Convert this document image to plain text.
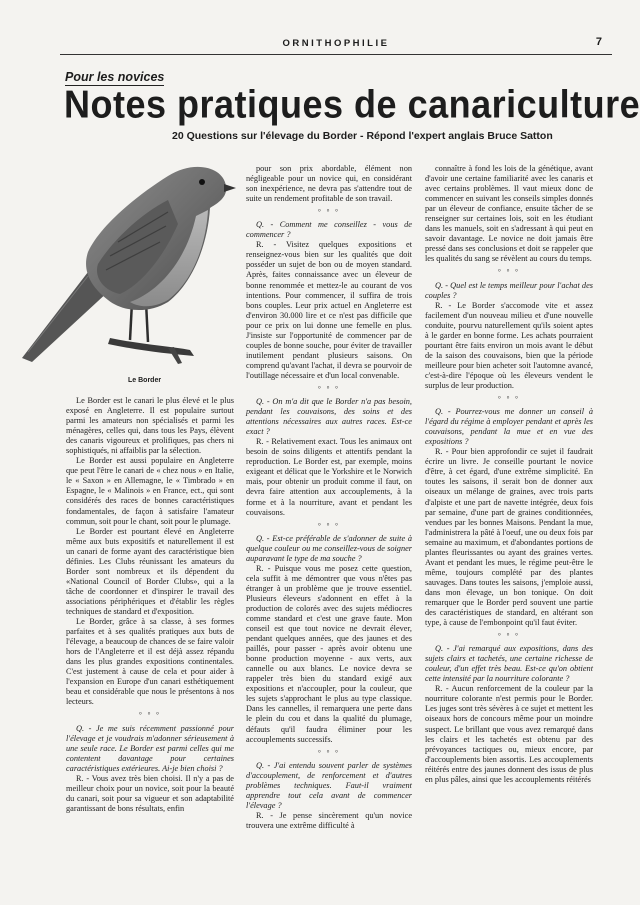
ORNITHOPHILIE	7
Pour les novices
Notes pratiques de canariculture
20 Questions sur l'élevage du Border - Répond l'expert anglais Bruce Satton
Le Border

Le Border est le canari le plus élevé et le plus exposé en Angleterre. Il est populaire surtout parmi les amateurs non spécialisés et parmi les ménagères, celles qui, dans tous les Pays, élèvent des canaris vigoureux et prolifiques, pas chers ni sophistiqués, ni affaiblis par la sélection.

Le Border est aussi populaire en Angleterre que peut l'être le canari de « chez nous » en Italie, le « Saxon » en Allemagne, le « Timbrado » en Espagne, le « Malinois » en France, ect., qui sont considérés des races de bonnes caractéristiques fondamentales, de façon à satisfaire l'amateur commun, soit pour le chant, soit pour le plumage.

Le Border est pourtant élevé en Angleterre même aux buts expositifs et naturellement il est un canari de forme ayant des caractéristique bien définies. Les Clubs réunissant les amateurs du Border sont nombreux et ils dépendent du «National Council of Border Clubs», qui a la tâche de coordonner et d'inspirer le travail des associations périphériques et d'établir les règles techniques de standard et d'exposition.

Le Border, grâce à sa classe, à ses formes parfaites et à ses qualités pratiques aux buts de l'élevage, a beaucoup de chances de se faire valoir hors de l'Angleterre et il est déjà assez répandu dans les plus grandes expositions continentales. C'est justement à cause de cela et pour aider à l'expansion en Europe d'un canari esthétiquement beau et considérable que nous le présentons à nos lecteurs.

° ° °

Q. - Je me suis récemment passionné pour l'élevage et je voudrais m'adonner sérieusement à une seule race. Le Border est parmi celles qui me contentent davantage pour certaines caractéristiques extérieures. Ai-je bien choisi ?

R. - Vous avez très bien choisi. Il n'y a pas de meilleur choix pour un novice, soit pour la beauté du canari, soit pour sa vigueur et son adaptabilité garantissant de bons résultats, enfin

pour son prix abordable, élément non négligeable pour un novice qui, en considérant son inexpérience, ne devra pas s'attendre tout de suite un rendement profitable de son travail.

° ° °

Q. - Comment me conseillez - vous de commencer ?

R. - Visitez quelques expositions et renseignez-vous bien sur les qualités que doit posséder un sujet de bon ou de moyen standard. Après, faites connaissance avec un éleveur de bonne renommée et mettez-le au courant de vos intentions. Pour commencer, il suffira de trois bons couples. Leur prix actuel en Angleterre est d'environ 30.000 lire et ce n'est pas difficile que pour ce prix on lui donne une femelle en plus. J'insiste sur l'opportunité de commencer par de couples de bonne souche, pour éviter de travailler inutilement pendant plusieurs saisons. On comprend qu'avant l'achat, il devra se pourvoir de l'outillage nécessaire et d'un local convenable.

° ° °

Q. - On m'a dit que le Border n'a pas besoin, pendant les couvaisons, des soins et des attentions nécessaires aux autres races. Est-ce exact ?

R. - Relativement exact. Tous les animaux ont besoin de soins diligents et attentifs pendant la reproduction. Le Border est, par exemple, moins exigeant et délicat que le Yorkshire et le Norwich mais, pour obtenir un produit comme il faut, on devra faire attention aux accouplements, à la forme et à la nourriture, avant et pendant les couvaisons.

° ° °

Q. - Est-ce préférable de s'adonner de suite à quelque couleur ou me conseillez-vous de soigner auparavant le type de ma souche ?

R. - Puisque vous me posez cette question, cela suffit à me démontrer que vous n'êtes pas étranger à un problème que je trouve essentiel. Plusieurs éleveurs s'adonnent en effet à la production de colorés avec des sujets médiocres comme standard et c'est une grave faute. Mon conseil est que tout novice ne devrait élever, pendant quelques années, que des jaunes et des paillés, pour passer - après avoir obtenu une bonne production moyenne - aux verts, aux cannelle ou aux blancs. Le novice devra se rappeler très bien du standard exigé aux expositions et n'accoupler, pour la couleur, que les sujets s'approchant le plus au type classique. Dans les cannelles, il remarquera une perte dans le plein du cou et dans la qualité du plumage, défauts qu'il faudra éliminer pour les accouplements successifs.

° ° °

Q. - J'ai entendu souvent parler de systèmes d'accouplement, de renforcement et d'autres problèmes techniques. Faut-il vraiment apprendre tout cela avant de commencer l'élevage ?

R. - Je pense sincèrement qu'un novice trouvera une extrême difficulté à

connaître à fond les lois de la génétique, avant d'avoir une certaine familiarité avec les canaris et avec certains problèmes. Il vaut mieux donc de commencer en suivant les conseils simples donnés par un éleveur de confiance, ensuite tâcher de se renseigner sur certaines lois, soit en les étudiant dans les manuels, soit en s'adressant à qui peut en savoir davantage. Le novice ne doit jamais être pressé dans ses conclusions et doit se rappeler que les qualités du sang se révèlent au cours du temps.

° ° °

Q. - Quel est le temps meilleur pour l'achat des couples ?

R. - Le Border s'accomode vite et assez facilement d'un nouveau milieu et d'une nouvelle conduite, pourvu naturellement qu'ils soient aptes à le garder en bonne forme. Les achats pourraient pourtant être faits environ un mois avant le début de la saison des couvaisons, bien que la période meilleure pour bien acheter soit l'automne avancé, c'est-à-dire l'époque où les éleveurs vendent le surplus de leur production.

° ° °

Q. - Pourrez-vous me donner un conseil à l'égard du régime à employer pendant et après les couvaisons, pendant la mue et en vue des expositions ?

R. - Pour bien approfondir ce sujet il faudrait écrire un livre. Je conseille pourtant le novice d'être, à cet égard, d'une extrême simplicité. En toutes les saisons, il serait bon de donner aux oiseaux un mélange de graines, avec trois parts d'alpiste et une part de navette intégrée, deux fois par semaine, d'une part de graines conditionnées, vendues par les bonnes Maisons. Pendant la mue, l'administrera la pâté à l'oeuf, une ou deux fois par semaine au maximum, et d'abondantes portions de plantes fleurissantes ou ayant des graines vertes. Avant et pendant les mues, le régime peut-être le même, toujours complété par des plantes sauvages. Dans toutes les saisons, j'emploie aussi, dans mon élevage, un bon tonique. On doit remarquer que le Border perd souvent une partie des caractéristiques de standard, en altérant son type, à cause de l'embonpoint qu'il faut éviter.

° ° °

Q. - J'ai remarqué aux expositions, dans des sujets clairs et tachetés, une certaine richesse de couleur, d'un effet très beau. Est-ce qu'on obtient cette intensité par la nourriture colorante ?

R. - Aucun renforcement de la couleur par la nourriture colorante n'est permis pour le Border. Les juges sont très sévères à ce sujet et mettent les oiseaux hors de concours même pour un moindre suspect. Le brillant que vous avez remarqué dans les clairs et les tachetés est obtenu par des prévoyances tactiques ou, mieux encore, par d'accouplements bien assortis. Les accouplements réitérés entre des jaunes donnent des issus de plus en plus pâles, ainsi que les accouplements réitérés
